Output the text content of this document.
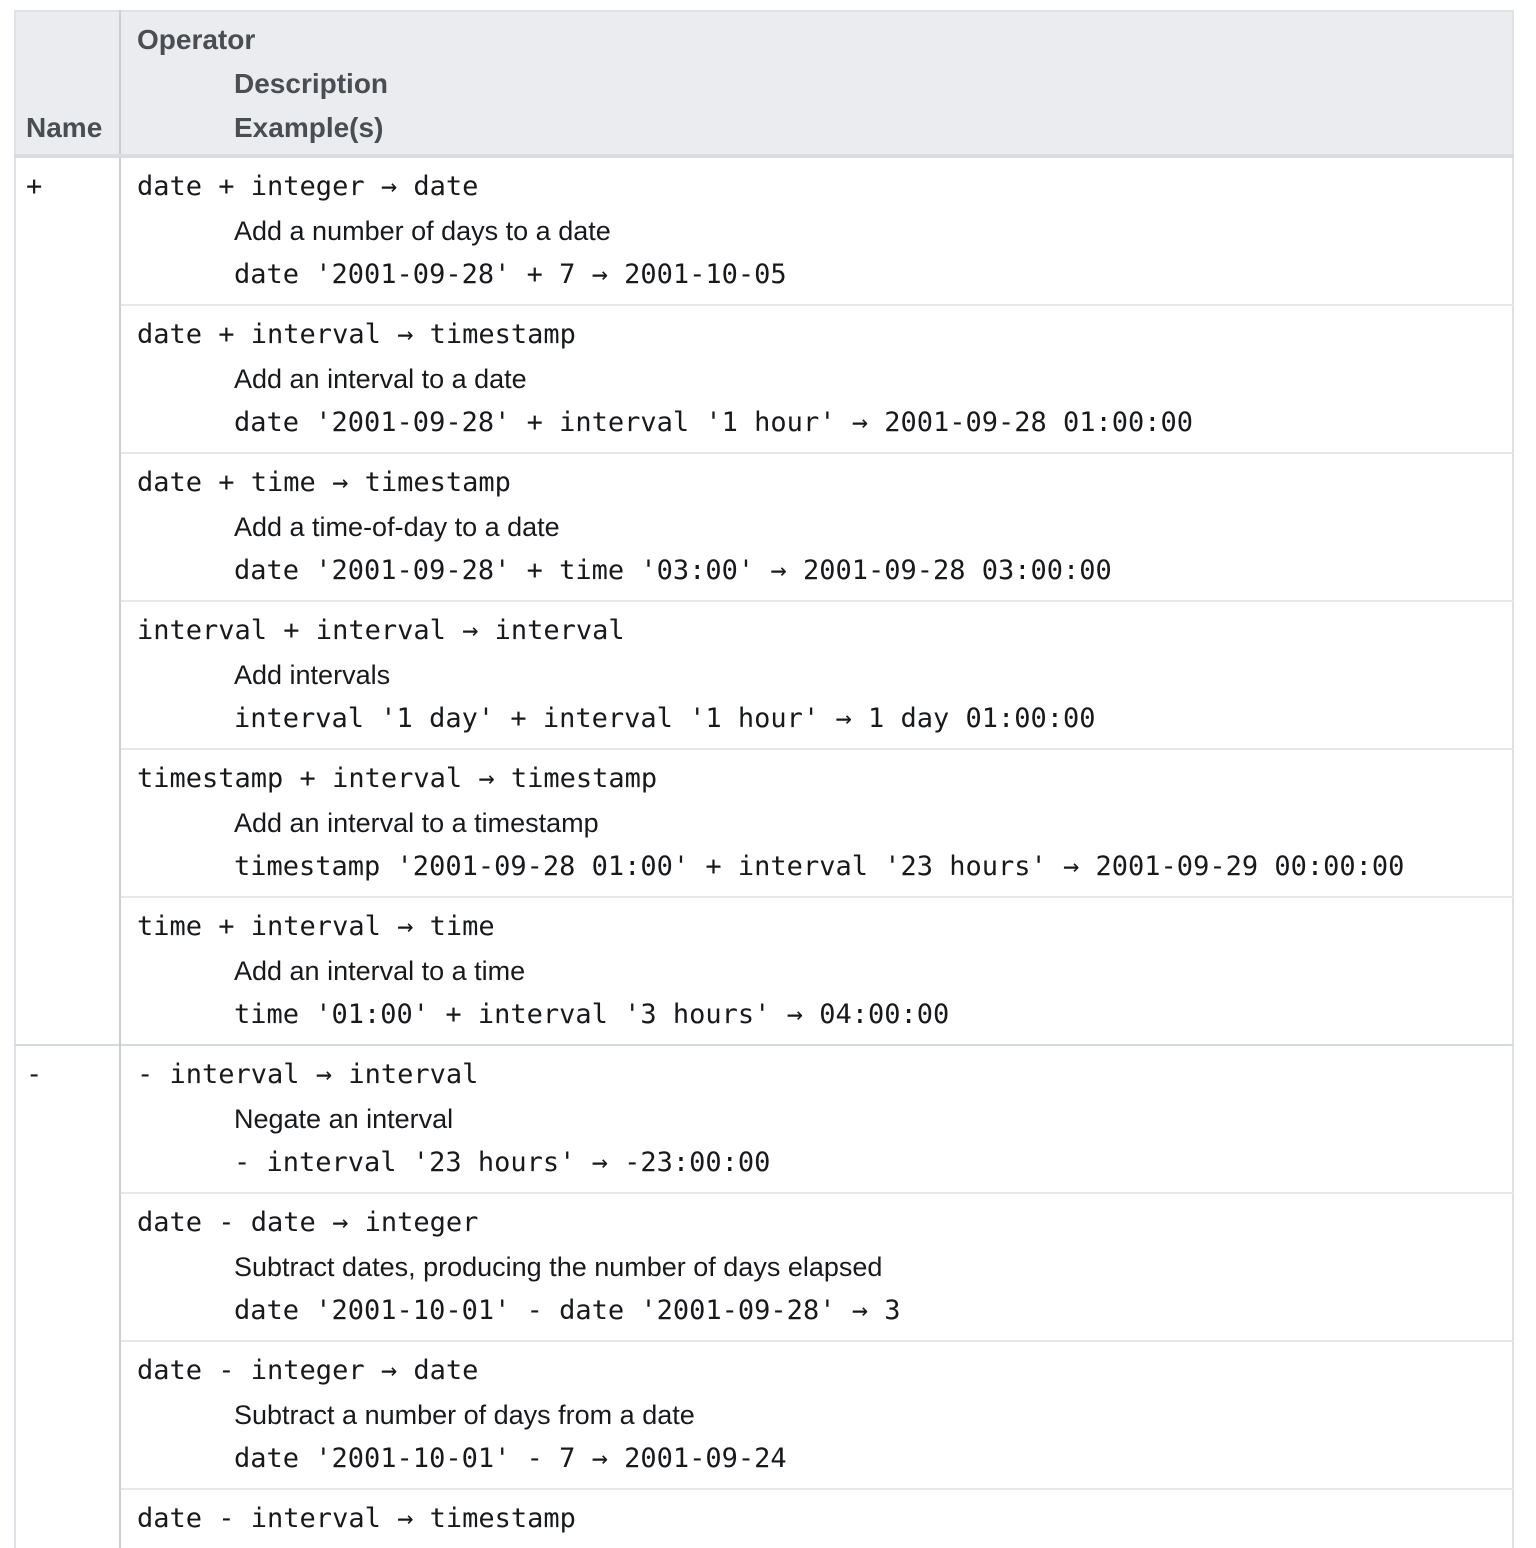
Name	Operator
Description
Example(s)

+	date + integer → date
Add a number of days to a date
date '2001-09-28' + 7 → 2001-10-05

	date + interval → timestamp
Add an interval to a date
date '2001-09-28' + interval '1 hour' → 2001-09-28 01:00:00

	date + time → timestamp
Add a time-of-day to a date
date '2001-09-28' + time '03:00' → 2001-09-28 03:00:00

	interval + interval → interval
Add intervals
interval '1 day' + interval '1 hour' → 1 day 01:00:00

	timestamp + interval → timestamp
Add an interval to a timestamp
timestamp '2001-09-28 01:00' + interval '23 hours' → 2001-09-29 00:00:00

	time + interval → time
Add an interval to a time
time '01:00' + interval '3 hours' → 04:00:00

-	- interval → interval
Negate an interval
- interval '23 hours' → -23:00:00

	date - date → integer
Subtract dates, producing the number of days elapsed
date '2001-10-01' - date '2001-09-28' → 3

	date - integer → date
Subtract a number of days from a date
date '2001-10-01' - 7 → 2001-09-24

	date - interval → timestamp
